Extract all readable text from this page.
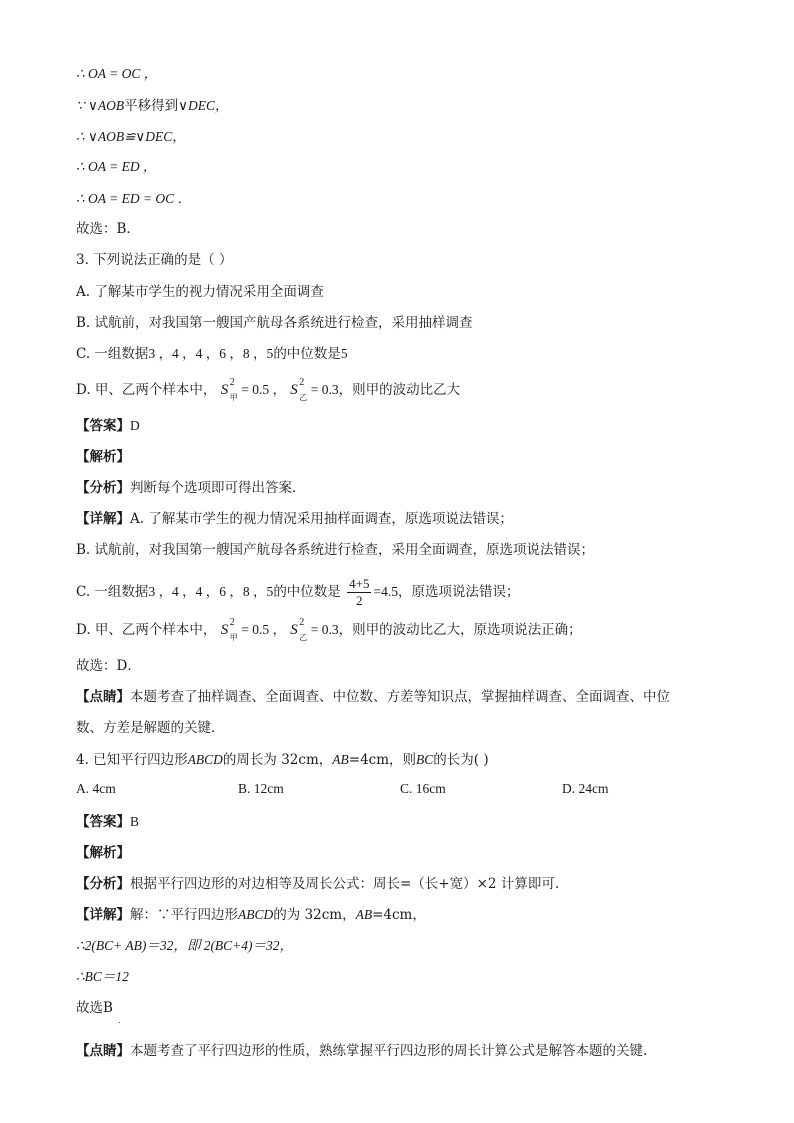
∴ OA = OC ，
∵ ∨AOB平移得到∨DEC，
∴ ∨AOB≌∨DEC，
∴ OA = ED ，
∴ OA = ED = OC ．
故选：B．
3. 下列说法正确的是（ ）
A. 了解某市学生的视力情况采用全面调查
B. 试航前，对我国第一艘国产航母各系统进行检查，采用抽样调查
C. 一组数据3 ，4 ，4 ，6 ，8 ，5的中位数是5
D. 甲、乙两个样本中， S 2
甲
= 0.5 ， S 2
乙
= 0.3，则甲的波动比乙大
【答案】D
【解析】
【分析】判断每个选项即可得出答案．
【详解】A. 了解某市学生的视力情况采用抽样面调查，原选项说法错误；
B. 试航前，对我国第一艘国产航母各系统进行检查，采用全面调查，原选项说法错误；
C. 一组数据3 ，4 ，4 ，6 ，8 ，5的中位数是 $\frac{4+5}{2} =4.5$，原选项说法错误；
D. 甲、乙两个样本中， S 2
甲
= 0.5 ， S 2
乙
= 0.3，则甲的波动比乙大，原选项说法正确；
故选：D．
【点睛】本题考查了抽样调查、全面调查、中位数、方差等知识点，掌握抽样调查、全面调查、中位
数、方差是解题的关键．
4. 已知平行四边形ABCD的周长为 32cm，AB=4cm，则BC的长为( )
A. 4cm	B. 12cm	C. 16cm	D. 24cm
【答案】B
【解析】
【分析】根据平行四边形的对边相等及周长公式：周长=（长+宽）×2 计算即可.
【详解】解：∵平行四边形ABCD的为 32cm，AB=4cm，
∴2(BC+ AB)＝32，即 2(BC+4)＝32，
∴BC＝12
故选B
.
【点睛】本题考查了平行四边形的性质，熟练掌握平行四边形的周长计算公式是解答本题的关键.
